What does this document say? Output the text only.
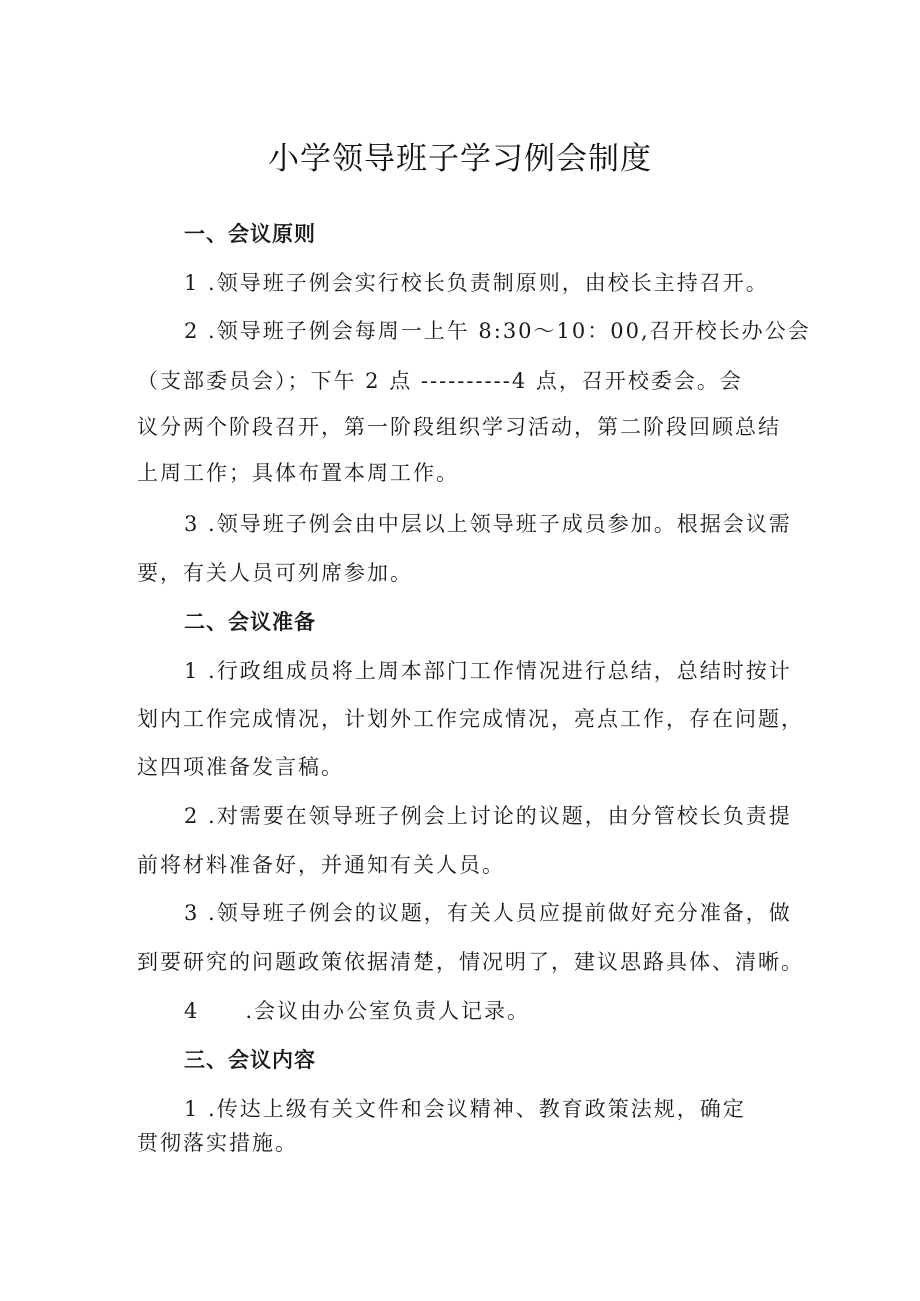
小学领导班子学习例会制度
一、会议原则
1 .领导班子例会实行校长负责制原则，由校长主持召开。
2 .领导班子例会每周一上午 8:30～10：00,召开校长办公会
（支部委员会）；下午 2 点 ----------4 点，召开校委会。会
议分两个阶段召开，第一阶段组织学习活动，第二阶段回顾总结
上周工作；具体布置本周工作。
3 .领导班子例会由中层以上领导班子成员参加。根据会议需
要，有关人员可列席参加。
二、会议准备
1 .行政组成员将上周本部门工作情况进行总结，总结时按计
划内工作完成情况，计划外工作完成情况，亮点工作，存在问题，
这四项准备发言稿。
2 .对需要在领导班子例会上讨论的议题，由分管校长负责提
前将材料准备好，并通知有关人员。
3 .领导班子例会的议题，有关人员应提前做好充分准备，做
到要研究的问题政策依据清楚，情况明了，建议思路具体、清晰。
4　　.会议由办公室负责人记录。
三、会议内容
1 .传达上级有关文件和会议精神、教育政策法规，确定
贯彻落实措施。
